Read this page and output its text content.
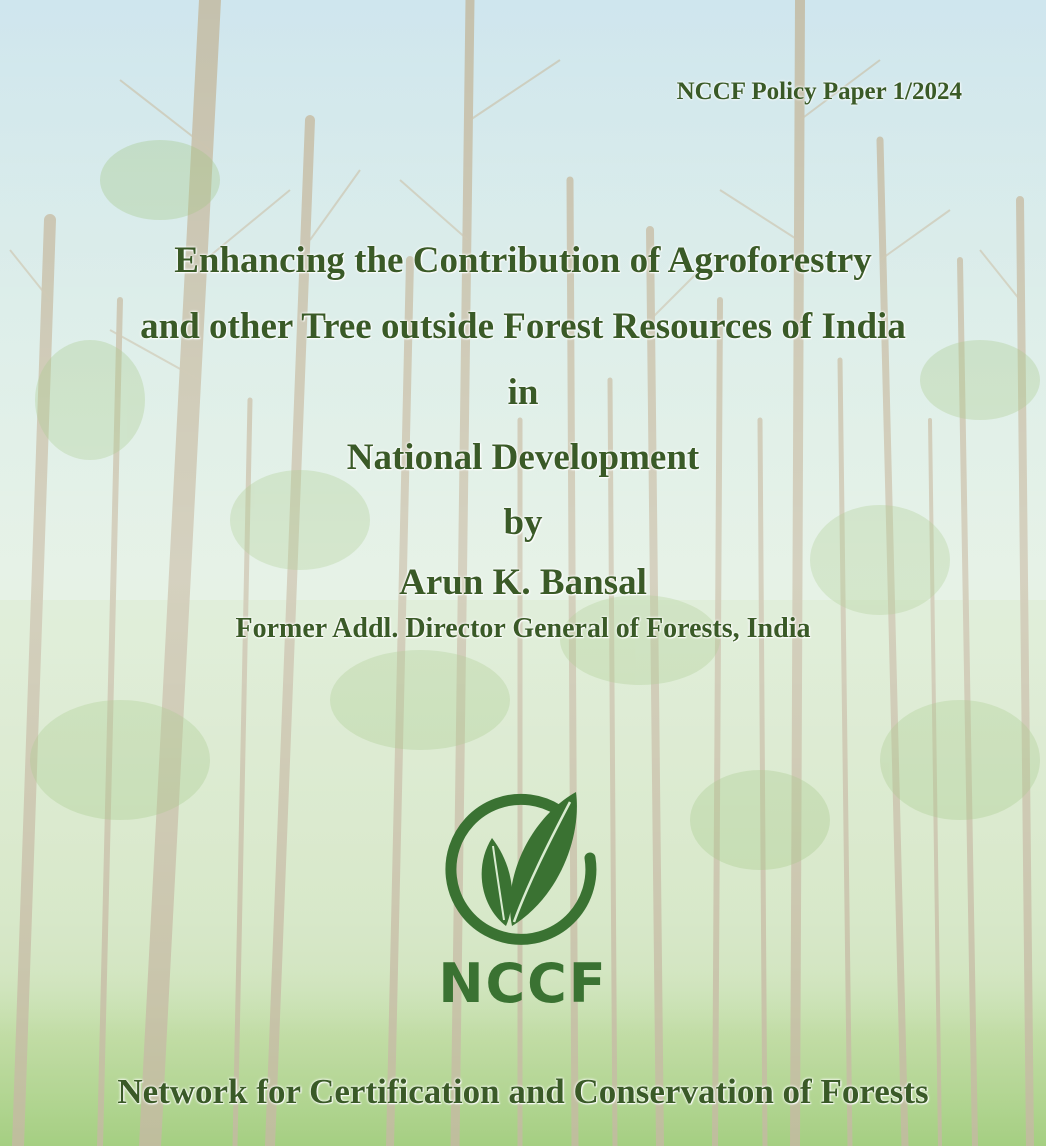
NCCF Policy Paper 1/2024
Enhancing the Contribution of Agroforestry
and other Tree outside Forest Resources of India
in
National Development
by
Arun K. Bansal
Former Addl. Director General of Forests, India
NCCF
Network for Certification and Conservation of Forests
